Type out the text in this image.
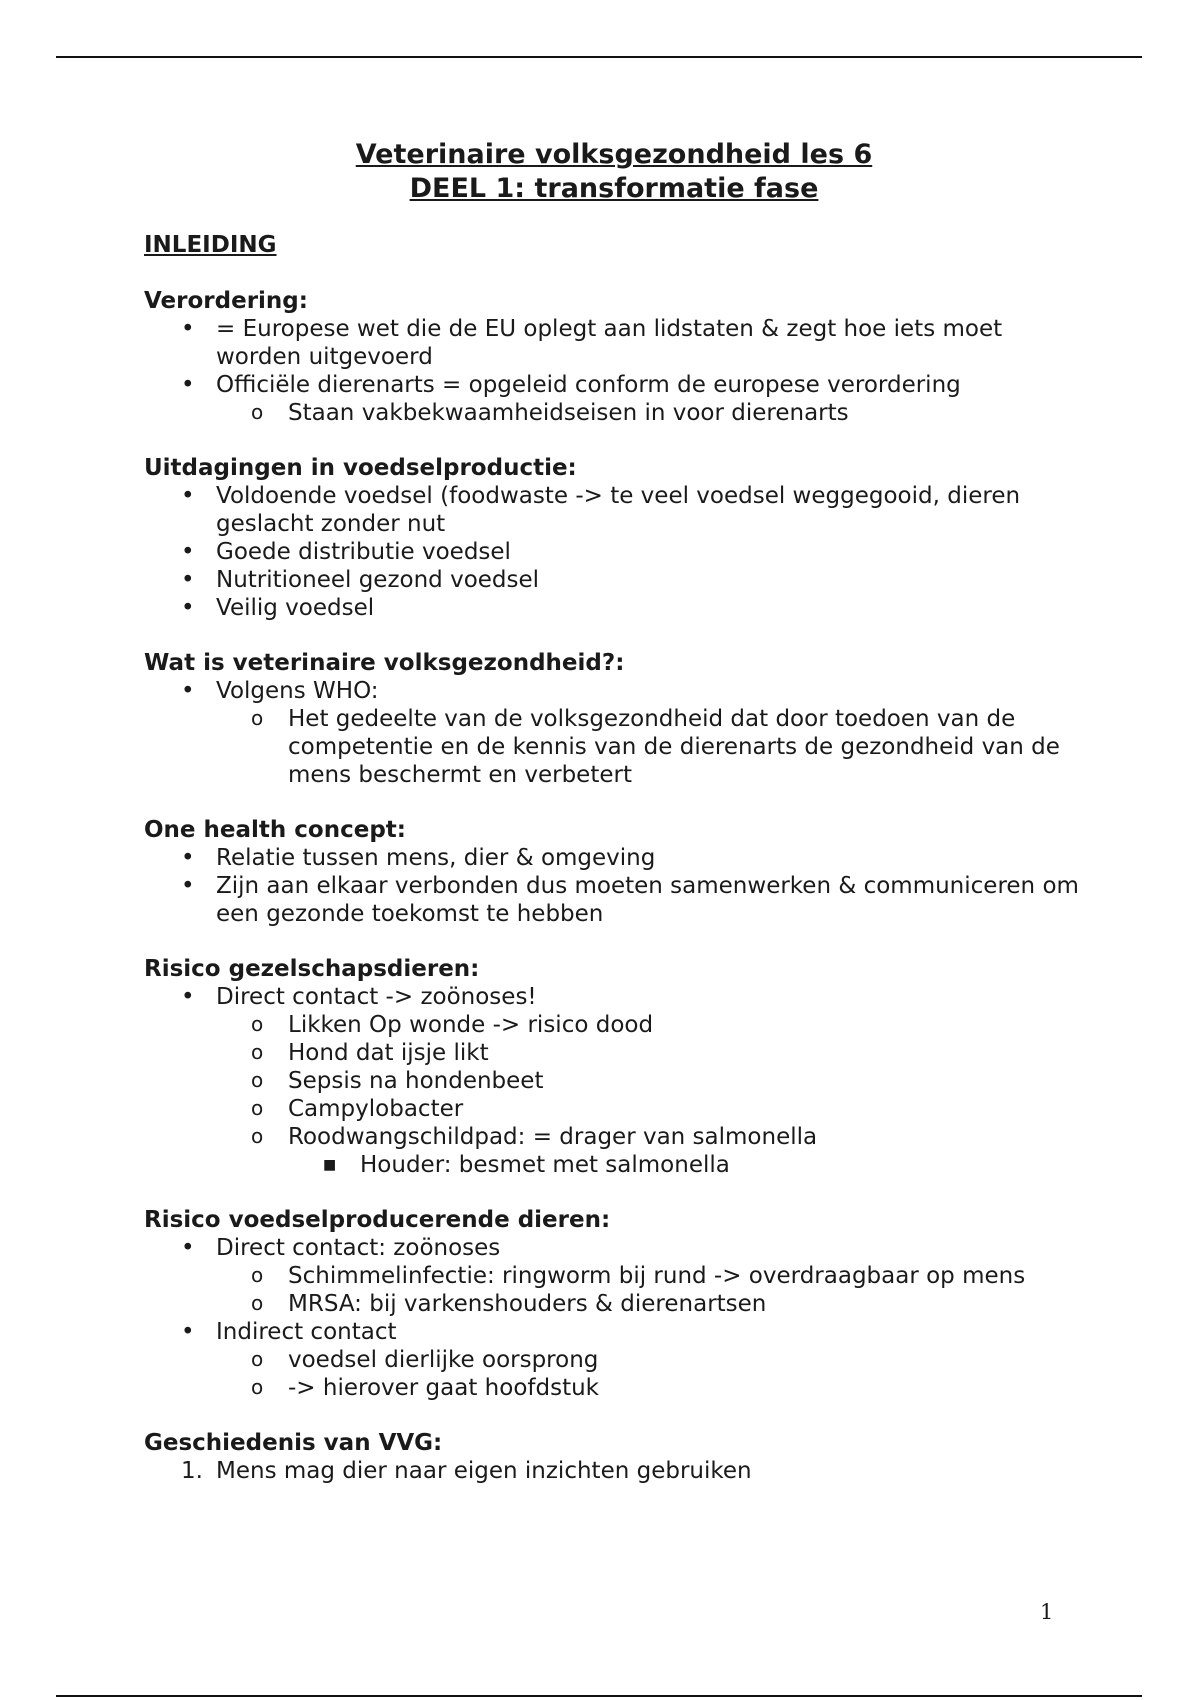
Veterinaire volksgezondheid les 6
DEEL 1: transformatie fase
INLEIDING
Verordering:
• = Europese wet die de EU oplegt aan lidstaten & zegt hoe iets moet worden uitgevoerd
• Officiële dierenarts = opgeleid conform de europese verordering
o Staan vakbekwaamheidseisen in voor dierenarts
Uitdagingen in voedselproductie:
• Voldoende voedsel (foodwaste -> te veel voedsel weggegooid, dieren geslacht zonder nut
• Goede distributie voedsel
• Nutritioneel gezond voedsel
• Veilig voedsel
Wat is veterinaire volksgezondheid?:
• Volgens WHO:
o Het gedeelte van de volksgezondheid dat door toedoen van de competentie en de kennis van de dierenarts de gezondheid van de mens beschermt en verbetert
One health concept:
• Relatie tussen mens, dier & omgeving
• Zijn aan elkaar verbonden dus moeten samenwerken & communiceren om een gezonde toekomst te hebben
Risico gezelschapsdieren:
• Direct contact -> zoönoses!
o Likken Op wonde -> risico dood
o Hond dat ijsje likt
o Sepsis na hondenbeet
o Campylobacter
o Roodwangschildpad: = drager van salmonella
■ Houder: besmet met salmonella
Risico voedselproducerende dieren:
• Direct contact: zoönoses
o Schimmelinfectie: ringworm bij rund -> overdraagbaar op mens
o MRSA: bij varkenshouders & dierenartsen
• Indirect contact
o voedsel dierlijke oorsprong
o -> hierover gaat hoofdstuk
Geschiedenis van VVG:
1. Mens mag dier naar eigen inzichten gebruiken
1
